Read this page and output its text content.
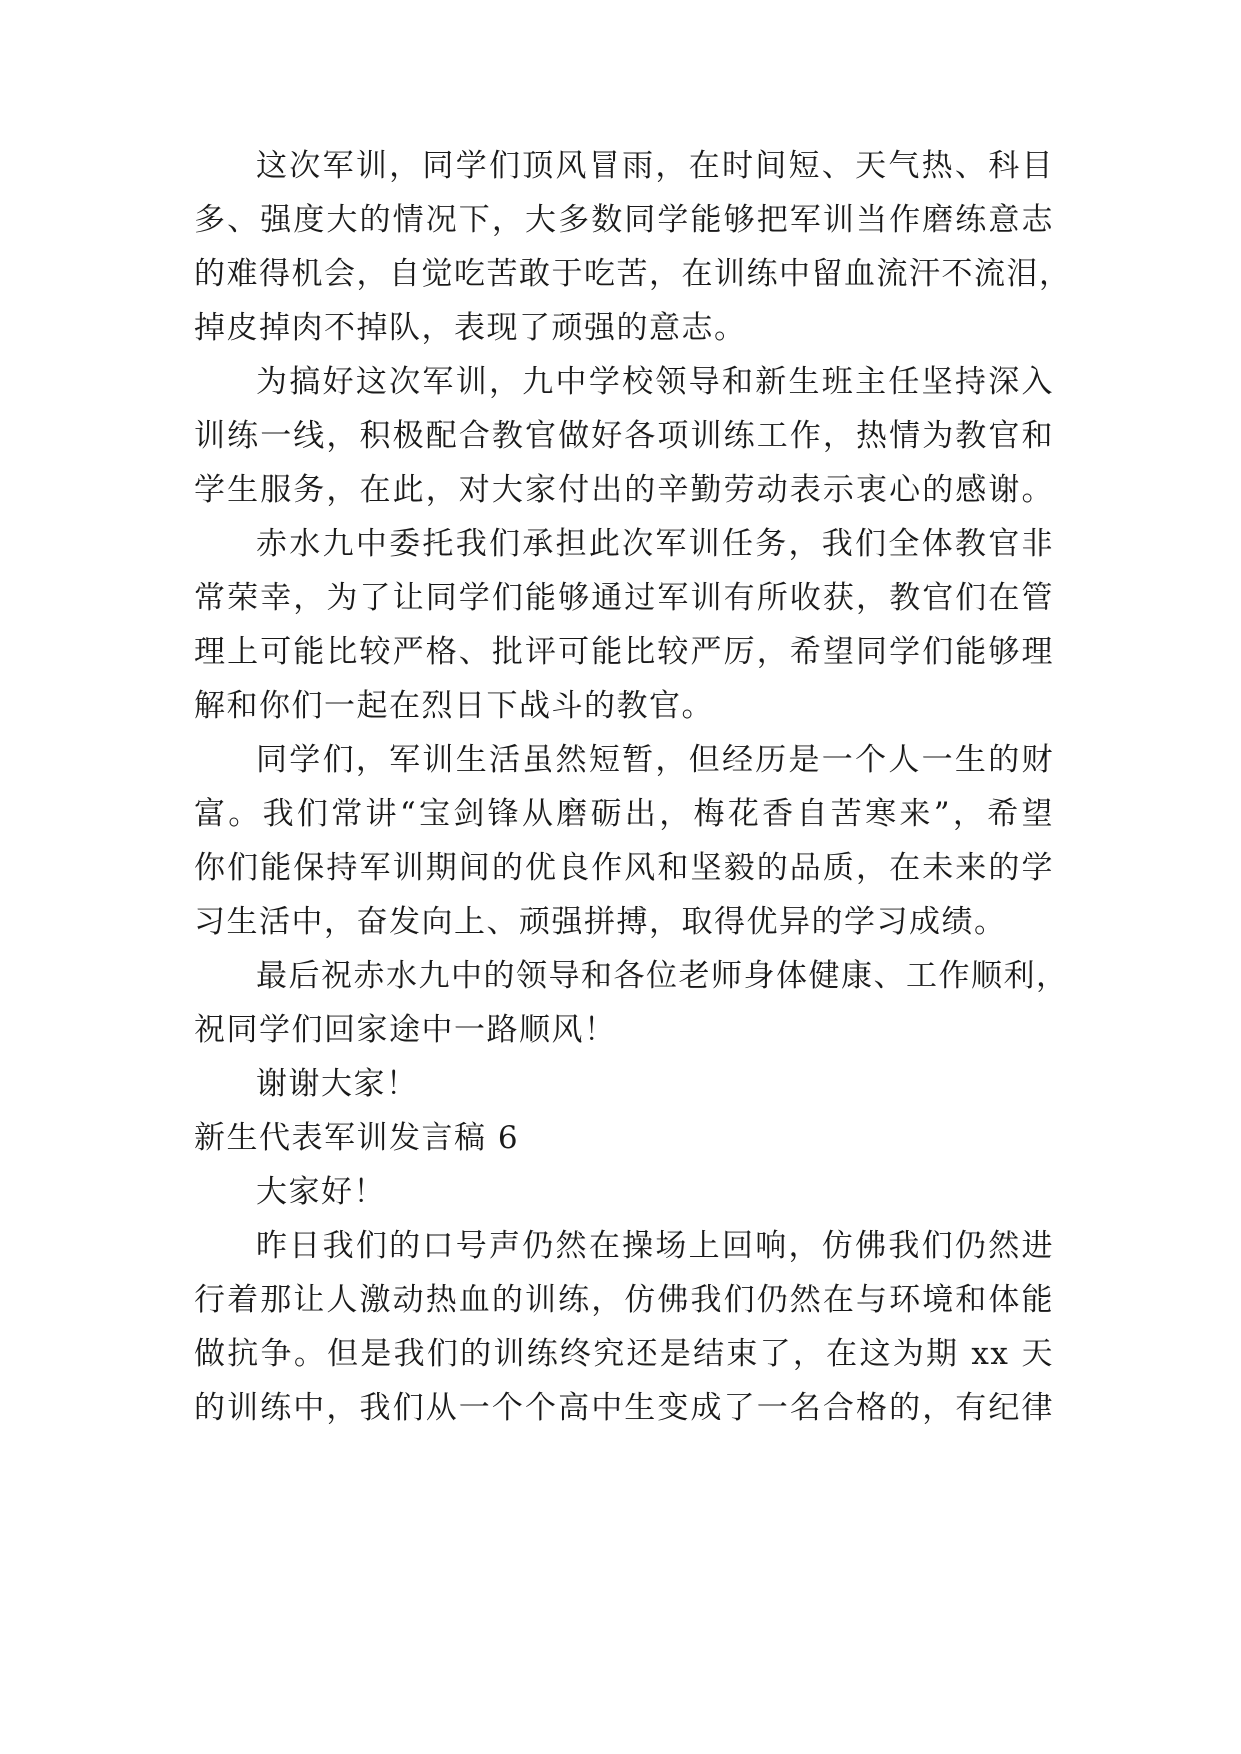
这次军训，同学们顶风冒雨，在时间短、天气热、科目
多、强度大的情况下，大多数同学能够把军训当作磨练意志
的难得机会，自觉吃苦敢于吃苦，在训练中留血流汗不流泪，
掉皮掉肉不掉队，表现了顽强的意志。
为搞好这次军训，九中学校领导和新生班主任坚持深入
训练一线，积极配合教官做好各项训练工作，热情为教官和
学生服务，在此，对大家付出的辛勤劳动表示衷心的感谢。
赤水九中委托我们承担此次军训任务，我们全体教官非
常荣幸，为了让同学们能够通过军训有所收获，教官们在管
理上可能比较严格、批评可能比较严厉，希望同学们能够理
解和你们一起在烈日下战斗的教官。
同学们，军训生活虽然短暂，但经历是一个人一生的财
富。我们常讲“宝剑锋从磨砺出，梅花香自苦寒来”，希望
你们能保持军训期间的优良作风和坚毅的品质，在未来的学
习生活中，奋发向上、顽强拼搏，取得优异的学习成绩。
最后祝赤水九中的领导和各位老师身体健康、工作顺利，
祝同学们回家途中一路顺风！
谢谢大家！
新生代表军训发言稿 6
大家好！
昨日我们的口号声仍然在操场上回响，仿佛我们仍然进
行着那让人激动热血的训练，仿佛我们仍然在与环境和体能
做抗争。但是我们的训练终究还是结束了，在这为期 xx 天
的训练中，我们从一个个高中生变成了一名合格的，有纪律
